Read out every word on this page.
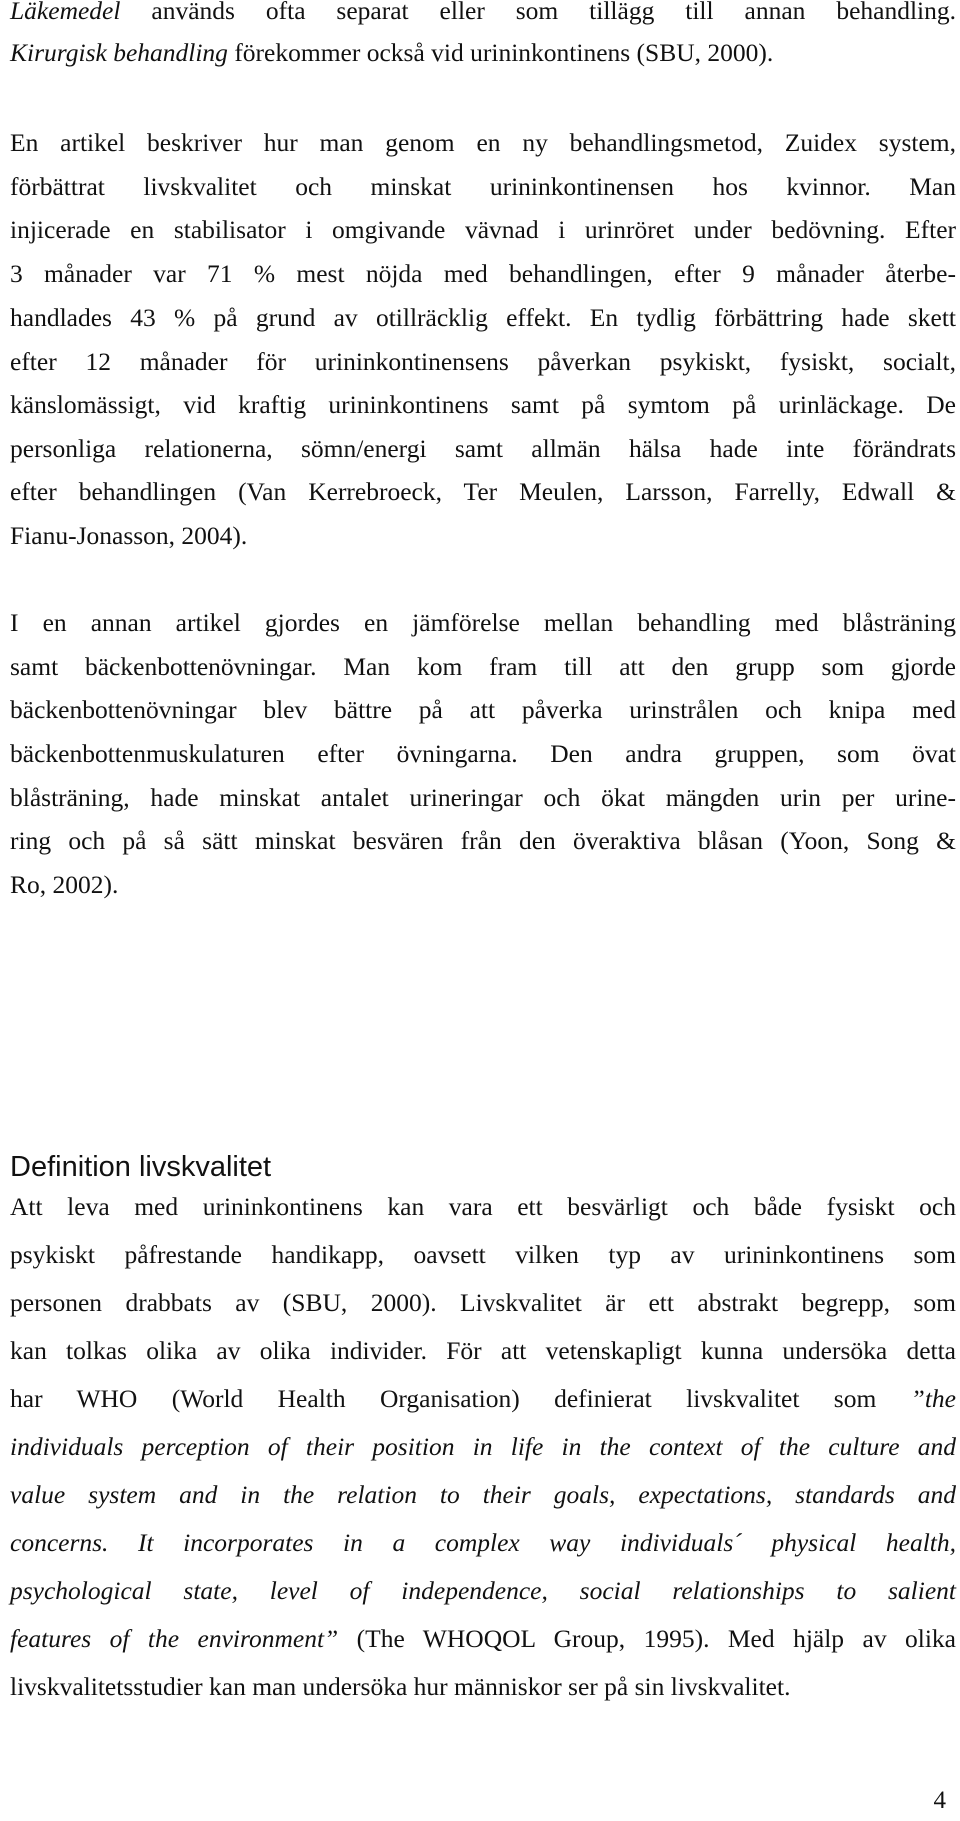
Läkemedel används ofta separat eller som tillägg till annan behandling.
Kirurgisk behandling förekommer också vid urininkontinens (SBU, 2000).
En artikel beskriver hur man genom en ny behandlingsmetod, Zuidex system,
förbättrat livskvalitet och minskat urininkontinensen hos kvinnor. Man
injicerade en stabilisator i omgivande vävnad i urinröret under bedövning. Efter
3 månader var 71 % mest nöjda med behandlingen, efter 9 månader återbe-
handlades 43 % på grund av otillräcklig effekt. En tydlig förbättring hade skett
efter 12 månader för urininkontinensens påverkan psykiskt, fysiskt, socialt,
känslomässigt, vid kraftig urininkontinens samt på symtom på urinläckage. De
personliga relationerna, sömn/energi samt allmän hälsa hade inte förändrats
efter behandlingen (Van Kerrebroeck, Ter Meulen, Larsson, Farrelly, Edwall &
Fianu-Jonasson, 2004).
I en annan artikel gjordes en jämförelse mellan behandling med blåsträning
samt bäckenbottenövningar. Man kom fram till att den grupp som gjorde
bäckenbottenövningar blev bättre på att påverka urinstrålen och knipa med
bäckenbottenmuskulaturen efter övningarna. Den andra gruppen, som övat
blåsträning, hade minskat antalet urineringar och ökat mängden urin per urine-
ring och på så sätt minskat besvären från den överaktiva blåsan (Yoon, Song &
Ro, 2002).
Definition livskvalitet
Att leva med urininkontinens kan vara ett besvärligt och både fysiskt och
psykiskt påfrestande handikapp, oavsett vilken typ av urininkontinens som
personen drabbats av (SBU, 2000). Livskvalitet är ett abstrakt begrepp, som
kan tolkas olika av olika individer. För att vetenskapligt kunna undersöka detta
har WHO (World Health Organisation) definierat livskvalitet som ”the
individuals perception of their position in life in the context of the culture and
value system and in the relation to their goals, expectations, standards and
concerns. It incorporates in a complex way individuals´ physical health,
psychological state, level of independence, social relationships to salient
features of the environment” (The WHOQOL Group, 1995). Med hjälp av olika
livskvalitetsstudier kan man undersöka hur människor ser på sin livskvalitet.
4
